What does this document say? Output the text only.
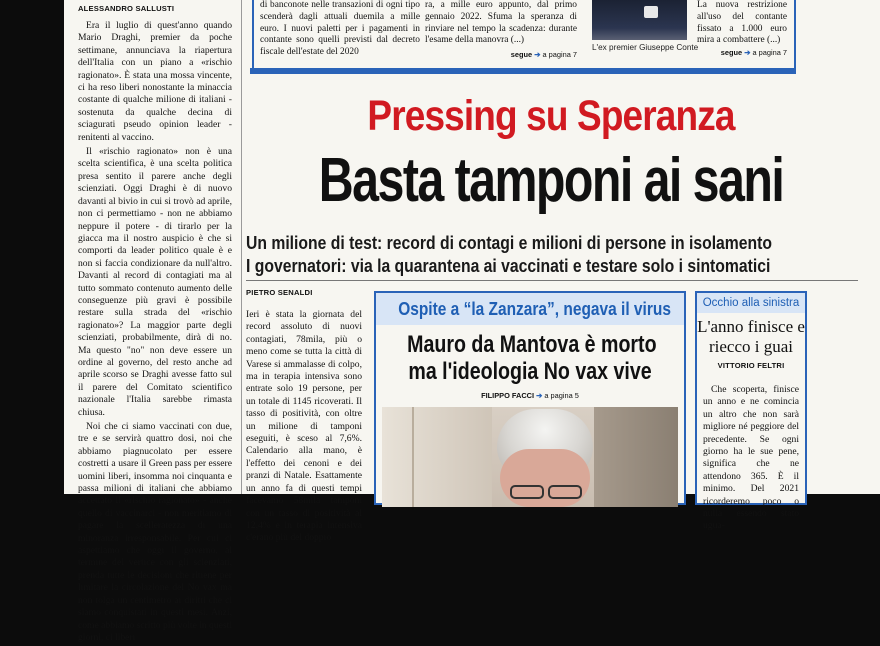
ALESSANDRO SALLUSTI

Era il luglio di quest'anno quando Mario Draghi, premier da poche settimane, annunciava la riapertura dell'Italia con un piano a «rischio ragionato». È stata una mossa vincente, ci ha reso liberi nonostante la minaccia costante di qualche milione di italiani - sostenuta da qualche decina di sciagurati pseudo opinion leader - renitenti al vaccino.

Il «rischio ragionato» non è una scelta scientifica, è una scelta politica presa sentito il parere anche degli scienziati. Oggi Draghi è di nuovo davanti al bivio in cui si trovò ad aprile, non ci permettiamo - non ne abbiamo neppure il potere - di tirarlo per la giacca ma il nostro auspicio è che si comporti da leader politico quale è e non si faccia condizionare da null'altro. Davanti al record di contagiati ma al tutto sommato contenuto aumento delle conseguenze più gravi è possibile restare sulla strada del «rischio ragionato»? La maggior parte degli scienziati, probabilmente, dirà di no. Ma questo "no" non deve essere un ordine al governo, del resto anche ad aprile scorso se Draghi avesse fatto sul il parere del Comitato scientifico nazionale l'Italia sarebbe rimasta chiusa.

Noi che ci siamo vaccinati con due, tre e se servirà quattro dosi, noi che abbiamo piagnucolato per essere costretti a usare il Green pass per essere uomini liberi, insomma noi cinquanta e passa milioni di italiani che abbiamo accettato il «rischio ragionato» - anche quello di vaccinarci - non meritiamo di pagare la scelleratezza di una minoranza irresponsabile. Per cui ci aspettiamo che oggi il governo, al termine del vertice con gli scienziati, prenda tutte le decisioni che ritiene per limitare la circolazione del No vax ma non tolga un centimetro ai diritti che ci siamo conquistati in questi mesi. Anzi, come abbiamo scritto più volte in questi giorni, ci liberi

di banconote nelle transazioni di ogni tipo scenderà dagli attuali duemila a mille euro. I nuovi paletti per i pagamenti in contante sono quelli previsti dal decreto fiscale dell'estate del 2020
ra, a mille euro appunto, dal primo gennaio 2022. Sfuma la speranza di rinviare nel tempo la scadenza: durante l'esame della manovra (...)
segue ➔ a pagina 7
L'ex premier Giuseppe Conte
La nuova restrizione all'uso del contante fissato a 1.000 euro mira a combattere (...)
segue ➔ a pagina 7
Pressing su Speranza
Basta tamponi ai sani
Un milione di test: record di contagi e milioni di persone in isolamento
I governatori: via la quarantena ai vaccinati e testare solo i sintomatici
PIETRO SENALDI
Ieri è stata la giornata del record assoluto di nuovi contagiati, 78mila, più o meno come se tutta la città di Varese si ammalasse di colpo, ma in terapia intensiva sono entrate solo 19 persone, per un totale di 1145 ricoverati. Il tasso di positività, con oltre un milione di tamponi eseguiti, è sceso al 7,6%. Calendario alla mano, è l'effetto dei cenoni e dei pranzi di Natale. Esattamente un anno fa di questi tempi facevamo 58mila tamponi con un tasso di positività al 12,4% e in terapia intensiva c'erano più del doppio
Ospite a “la Zanzara”, negava il virus
Mauro da Mantova è morto
ma l'ideologia No vax vive
FILIPPO FACCI ➔ a pagina 5
Occhio alla sinistra
L'anno finisce e riecco i guai
VITTORIO FELTRI
Che scoperta, finisce un anno e ne comincia un altro che non sarà migliore né peggiore del precedente. Se ogni giorno ha le sue pene, significa che ne attendono 365. È il minimo. Del 2021 ricorderemo poco o nulla essendo stato ugua-
